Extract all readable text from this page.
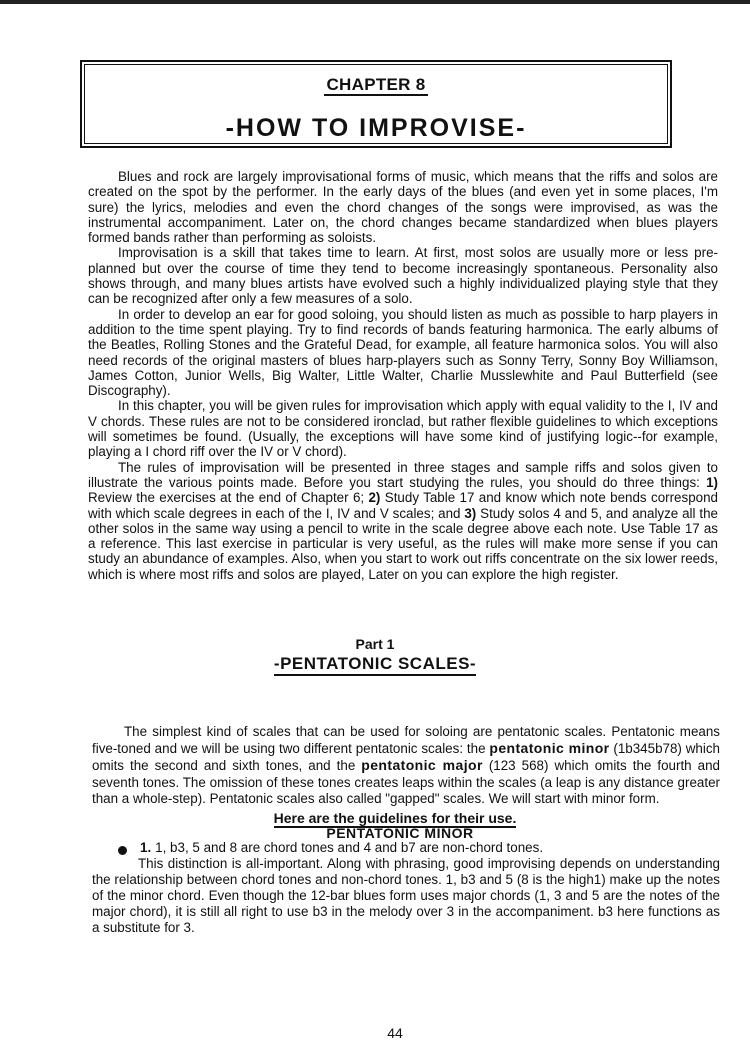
CHAPTER 8
-HOW TO IMPROVISE-

Blues and rock are largely improvisational forms of music, which means that the riffs and solos are created on the spot by the performer. In the early days of the blues (and even yet in some places, I'm sure) the lyrics, melodies and even the chord changes of the songs were improvised, as was the instrumental accompaniment. Later on, the chord changes became standardized when blues players formed bands rather than performing as soloists.

Improvisation is a skill that takes time to learn. At first, most solos are usually more or less pre-planned but over the course of time they tend to become increasingly spontaneous. Personality also shows through, and many blues artists have evolved such a highly individualized playing style that they can be recognized after only a few measures of a solo.

In order to develop an ear for good soloing, you should listen as much as possible to harp players in addition to the time spent playing. Try to find records of bands featuring harmonica. The early albums of the Beatles, Rolling Stones and the Grateful Dead, for example, all feature harmonica solos. You will also need records of the original masters of blues harp-players such as Sonny Terry, Sonny Boy Williamson, James Cotton, Junior Wells, Big Walter, Little Walter, Charlie Musslewhite and Paul Butterfield (see Discography).

In this chapter, you will be given rules for improvisation which apply with equal validity to the I, IV and V chords. These rules are not to be considered ironclad, but rather flexible guidelines to which exceptions will sometimes be found. (Usually, the exceptions will have some kind of justifying logic--for example, playing a I chord riff over the IV or V chord).

The rules of improvisation will be presented in three stages and sample riffs and solos given to illustrate the various points made. Before you start studying the rules, you should do three things: 1) Review the exercises at the end of Chapter 6; 2) Study Table 17 and know which note bends correspond with which scale degrees in each of the I, IV and V scales; and 3) Study solos 4 and 5, and analyze all the other solos in the same way using a pencil to write in the scale degree above each note. Use Table 17 as a reference. This last exercise in particular is very useful, as the rules will make more sense if you can study an abundance of examples. Also, when you start to work out riffs concentrate on the six lower reeds, which is where most riffs and solos are played, Later on you can explore the high register.

Part 1
-PENTATONIC SCALES-

The simplest kind of scales that can be used for soloing are pentatonic scales. Pentatonic means five-toned and we will be using two different pentatonic scales: the pentatonic minor (1b345b78) which omits the second and sixth tones, and the pentatonic major (123 568) which omits the fourth and seventh tones. The omission of these tones creates leaps within the scales (a leap is any distance greater than a whole-step). Pentatonic scales also called "gapped" scales. We will start with minor form.

Here are the guidelines for their use.
PENTATONIC MINOR
1. 1, b3, 5 and 8 are chord tones and 4 and b7 are non-chord tones.

This distinction is all-important. Along with phrasing, good improvising depends on understanding the relationship between chord tones and non-chord tones. 1, b3 and 5 (8 is the high1) make up the notes of the minor chord. Even though the 12-bar blues form uses major chords (1, 3 and 5 are the notes of the major chord), it is still all right to use b3 in the melody over 3 in the accompaniment. b3 here functions as a substitute for 3.

44
